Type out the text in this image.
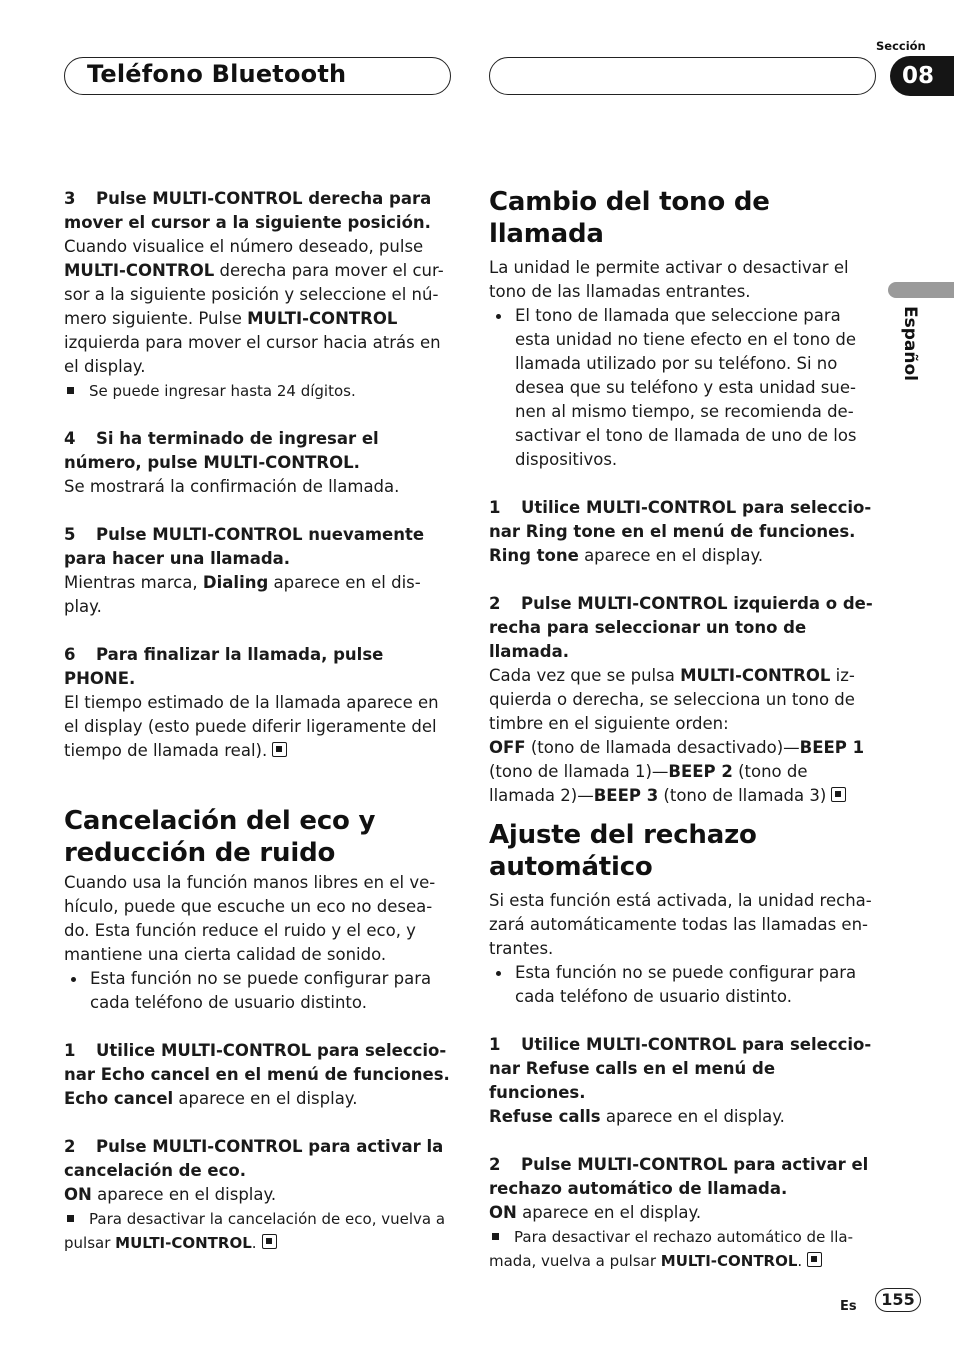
Teléfono Bluetooth
Sección
08
Español

3 Pulse MULTI-CONTROL derecha para mover el cursor a la siguiente posición.

Cuando visualice el número deseado, pulse MULTI-CONTROL derecha para mover el cur-sor a la siguiente posición y seleccione el nú-mero siguiente. Pulse MULTI-CONTROL izquierda para mover el cursor hacia atrás en el display.

Se puede ingresar hasta 24 dígitos.

4 Si ha terminado de ingresar el número, pulse MULTI-CONTROL.

Se mostrará la confirmación de llamada.

5 Pulse MULTI-CONTROL nuevamente para hacer una llamada.

Mientras marca, Dialing aparece en el dis-play.

6 Para finalizar la llamada, pulse PHONE.

El tiempo estimado de la llamada aparece en el display (esto puede diferir ligeramente del tiempo de llamada real).

Cancelación del eco y reducción de ruido

Cuando usa la función manos libres en el ve-hículo, puede que escuche un eco no desea-do. Esta función reduce el ruido y el eco, y mantiene una cierta calidad de sonido.

Esta función no se puede configurar para cada teléfono de usuario distinto.

1 Utilice MULTI-CONTROL para seleccio-nar Echo cancel en el menú de funciones.

Echo cancel aparece en el display.

2 Pulse MULTI-CONTROL para activar la cancelación de eco.

ON aparece en el display.

Para desactivar la cancelación de eco, vuelva a pulsar MULTI-CONTROL.

Cambio del tono de llamada

La unidad le permite activar o desactivar el tono de las llamadas entrantes.

El tono de llamada que seleccione para esta unidad no tiene efecto en el tono de llamada utilizado por su teléfono. Si no desea que su teléfono y esta unidad sue-nen al mismo tiempo, se recomienda de-sactivar el tono de llamada de uno de los dispositivos.

1 Utilice MULTI-CONTROL para seleccio-nar Ring tone en el menú de funciones.

Ring tone aparece en el display.

2 Pulse MULTI-CONTROL izquierda o de-recha para seleccionar un tono de llamada.

Cada vez que se pulsa MULTI-CONTROL iz-quierda o derecha, se selecciona un tono de timbre en el siguiente orden:

OFF (tono de llamada desactivado)—BEEP 1 (tono de llamada 1)—BEEP 2 (tono de llamada 2)—BEEP 3 (tono de llamada 3)

Ajuste del rechazo automático

Si esta función está activada, la unidad recha-zará automáticamente todas las llamadas en-trantes.

Esta función no se puede configurar para cada teléfono de usuario distinto.

1 Utilice MULTI-CONTROL para seleccio-nar Refuse calls en el menú de funciones.

Refuse calls aparece en el display.

2 Pulse MULTI-CONTROL para activar el rechazo automático de llamada.

ON aparece en el display.

Para desactivar el rechazo automático de lla-mada, vuelva a pulsar MULTI-CONTROL.

Es	155
